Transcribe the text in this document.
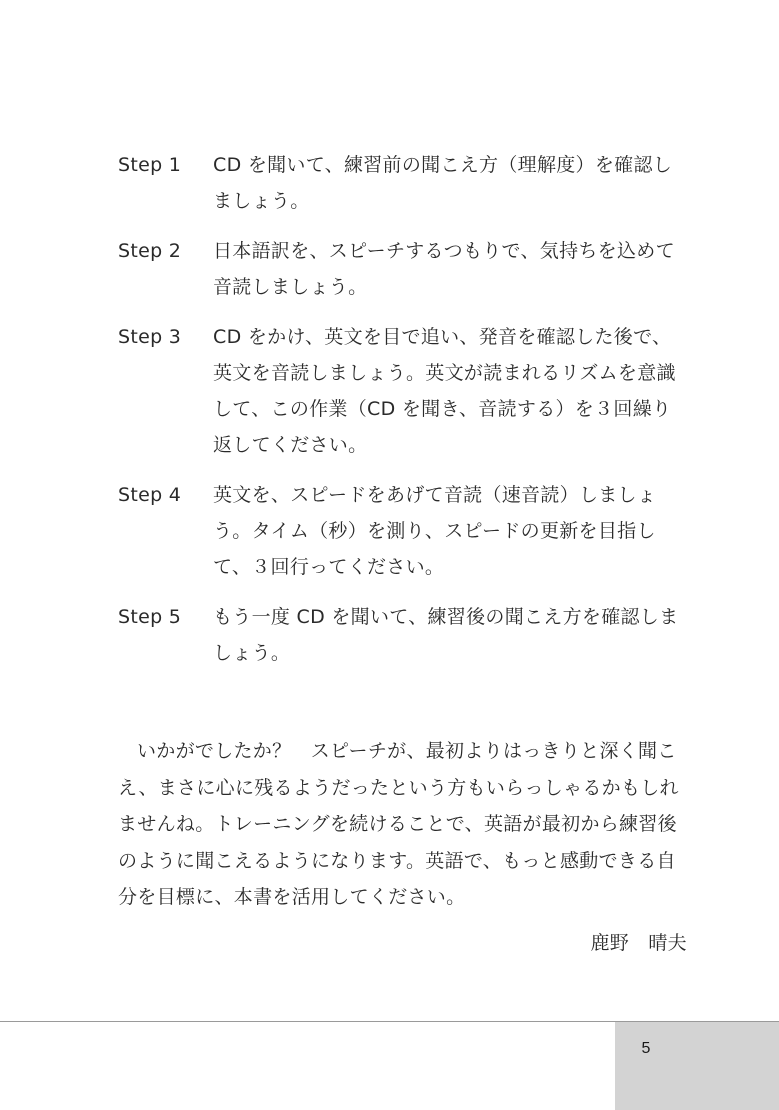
Step 1	CD を聞いて、練習前の聞こえ方（理解度）を確認しましょう。
Step 2	日本語訳を、スピーチするつもりで、気持ちを込めて音読しましょう。
Step 3	CD をかけ、英文を目で追い、発音を確認した後で、英文を音読しましょう。英文が読まれるリズムを意識して、この作業（CD を聞き、音読する）を３回繰り返してください。
Step 4	英文を、スピードをあげて音読（速音読）しましょう。タイム（秒）を測り、スピードの更新を目指して、３回行ってください。
Step 5	もう一度 CD を聞いて、練習後の聞こえ方を確認しましょう。

いかがでしたか？　スピーチが、最初よりはっきりと深く聞こえ、まさに心に残るようだったという方もいらっしゃるかもしれませんね。トレーニングを続けることで、英語が最初から練習後のように聞こえるようになります。英語で、もっと感動できる自分を目標に、本書を活用してください。

鹿野　晴夫
5
